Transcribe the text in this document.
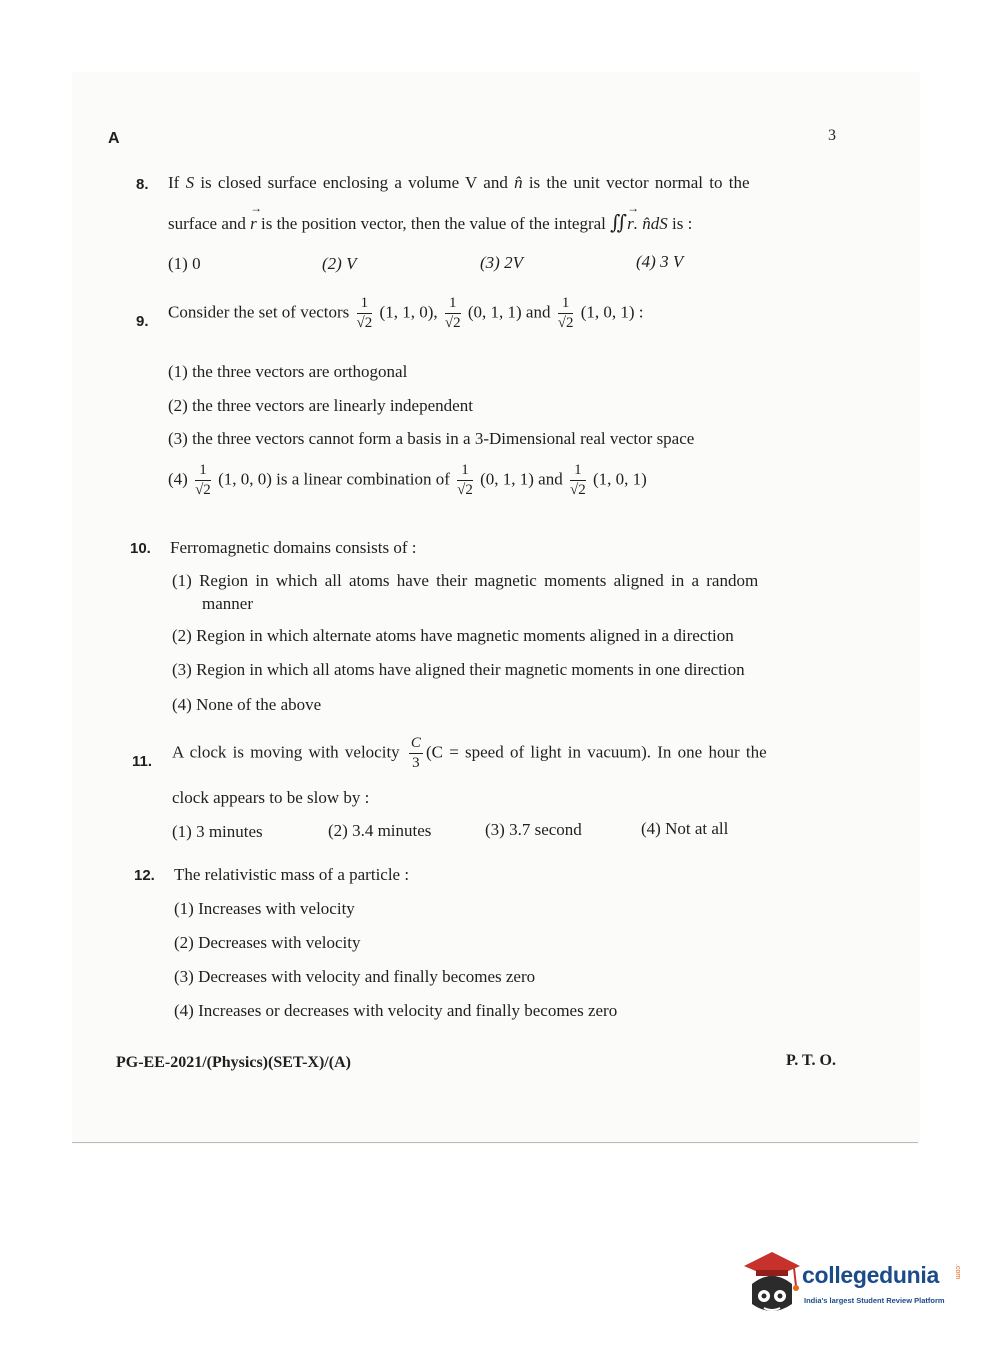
A	3
8. If S is closed surface enclosing a volume V and n̂ is the unit vector normal to the
surface and
→
r is the position vector, then the value of the integral ∬
→
r. n̂dS is :
(1) 0	(2) V	(3) 2V	(4) 3 V
9.
Consider the set of vectors $\frac{1}{√2} (1$, 1, 0), $\frac{1}{√2} (0$, 1, 1) and $\frac{1}{√2} (1$, 0, 1) :
(1) the three vectors are orthogonal
(2) the three vectors are linearly independent
(3) the three vectors cannot form a basis in a 3-Dimensional real vector space
$(4) \frac{1}{√2} (1$, 0, 0) is a linear combination of $\frac{1}{√2} (0$, 1, 1) and $\frac{1}{√2} (1$, 0, 1)
10. Ferromagnetic domains consists of :
(1) Region in which all atoms have their magnetic moments aligned in a random
manner
(2) Region in which alternate atoms have magnetic moments aligned in a direction
(3) Region in which all atoms have aligned their magnetic moments in one direction
(4) None of the above
11.
A clock is moving with velocity $\frac{C}{3} (C$ = speed of light in vacuum). In one hour the
clock appears to be slow by :
(1) 3 minutes	(2) 3.4 minutes	(3) 3.7 second	(4) Not at all
12. The relativistic mass of a particle :
(1) Increases with velocity
(2) Decreases with velocity
(3) Decreases with velocity and finally becomes zero
(4) Increases or decreases with velocity and finally becomes zero
PG-EE-2021/(Physics)(SET-X)/(A)	P. T. O.
collegedunia .com
India's largest Student Review Platform
